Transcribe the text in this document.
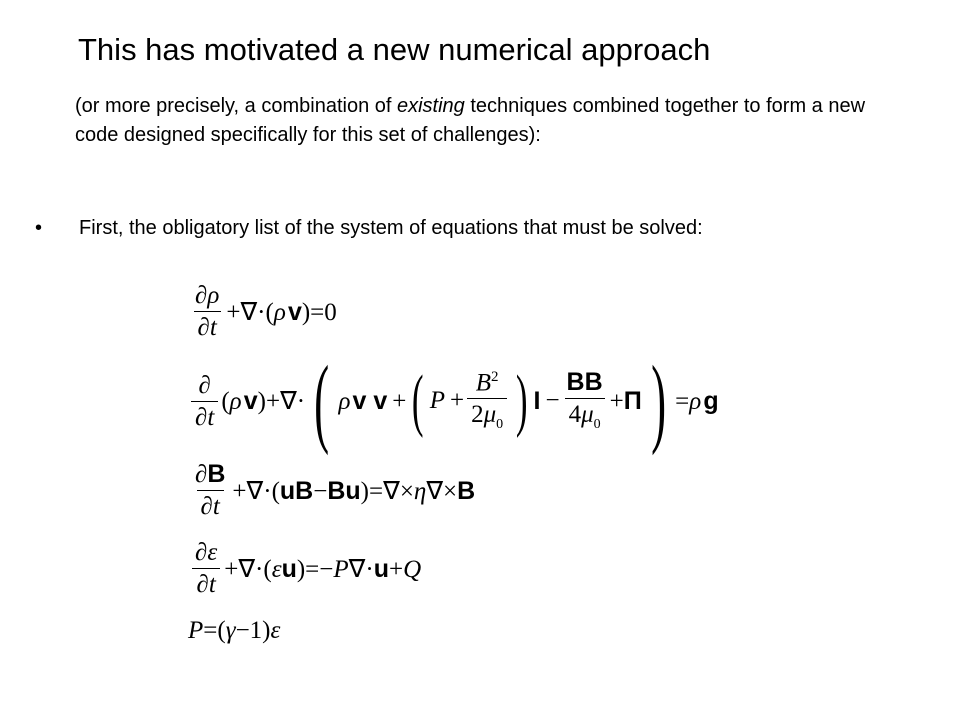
This has motivated a new numerical approach
(or more precisely, a combination of existing techniques combined together to form a new code designed specifically for this set of challenges):
• First, the obligatory list of the system of equations that must be solved:
$\frac{\partial\rho}{\partial t} +\nabla\cdot(\rho$ v)=0
$\frac{\partial}{\partial t} (\rho$ v)+∇· ( ρ v v + ( $P + \frac{B^2}{2\mu_0}$ ) $I - \frac{BB}{4\mu_0} +\Pi$ ) =ρ g
$\frac{\partial B}{\partial t} +\nabla\cdot(uB-Bu)=\nabla\times\eta\nabla\times B$
$\frac{\partial\varepsilon}{\partial t} +\nabla\cdot(\varepsilon u)=-P\nabla\cdot u+Q$
P=(γ−1)ε
